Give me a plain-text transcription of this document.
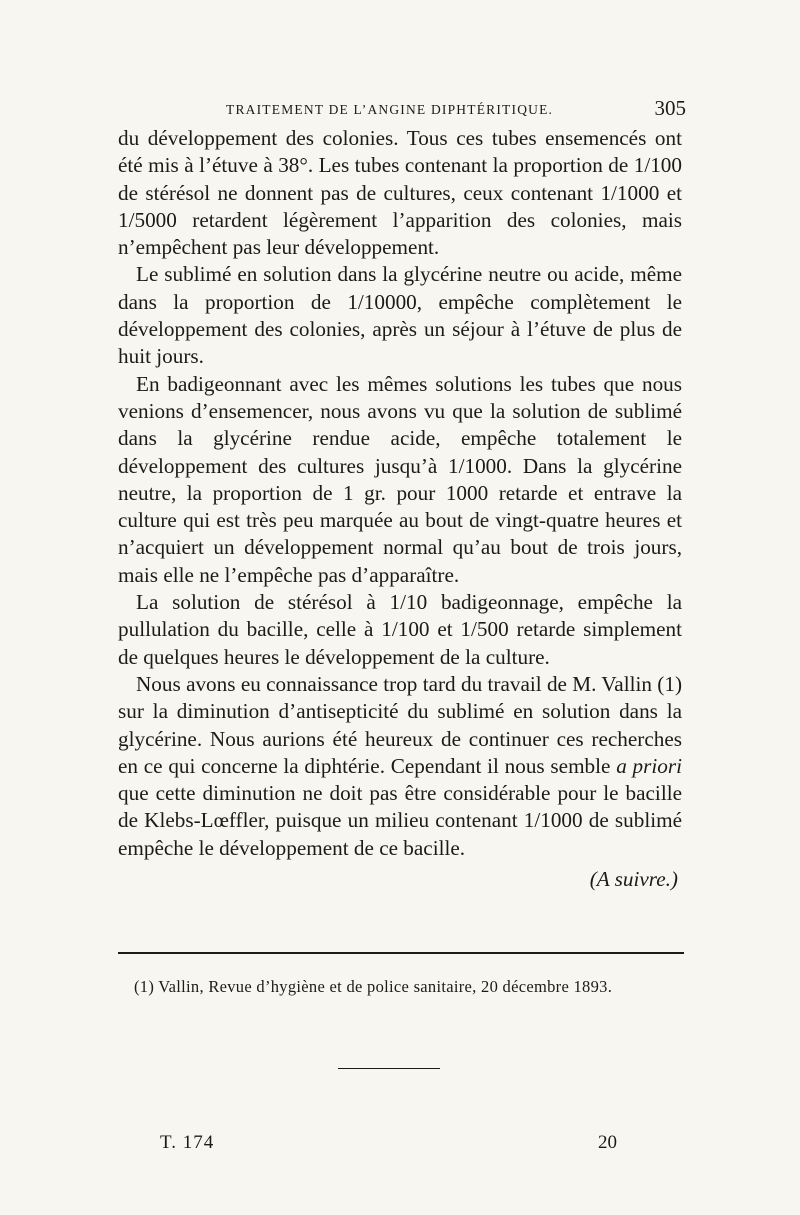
TRAITEMENT DE L’ANGINE DIPHTÉRITIQUE.	305

du développement des colonies. Tous ces tubes ensemencés ont été mis à l’étuve à 38°. Les tubes contenant la proportion de 1/100 de stérésol ne donnent pas de cultures, ceux contenant 1/1000 et 1/5000 retardent légèrement l’apparition des colonies, mais n’empêchent pas leur développement.

Le sublimé en solution dans la glycérine neutre ou acide, même dans la proportion de 1/10000, empêche complètement le développement des colonies, après un séjour à l’étuve de plus de huit jours.

En badigeonnant avec les mêmes solutions les tubes que nous venions d’ensemencer, nous avons vu que la solution de sublimé dans la glycérine rendue acide, empêche totalement le développement des cultures jusqu’à 1/1000. Dans la glycérine neutre, la proportion de 1 gr. pour 1000 retarde et entrave la culture qui est très peu marquée au bout de vingt-quatre heures et n’acquiert un développement normal qu’au bout de trois jours, mais elle ne l’empêche pas d’apparaître.

La solution de stérésol à 1/10 badigeonnage, empêche la pullulation du bacille, celle à 1/100 et 1/500 retarde simplement de quelques heures le développement de la culture.

Nous avons eu connaissance trop tard du travail de M. Vallin (1) sur la diminution d’antisepticité du sublimé en solution dans la glycérine. Nous aurions été heureux de continuer ces recherches en ce qui concerne la diphtérie. Cependant il nous semble a priori que cette diminution ne doit pas être considérable pour le bacille de Klebs-Lœffler, puisque un milieu contenant 1/1000 de sublimé empêche le développement de ce bacille.

(A suivre.)
(1) Vallin, Revue d’hygiène et de police sanitaire, 20 décembre 1893.
T. 174	20
